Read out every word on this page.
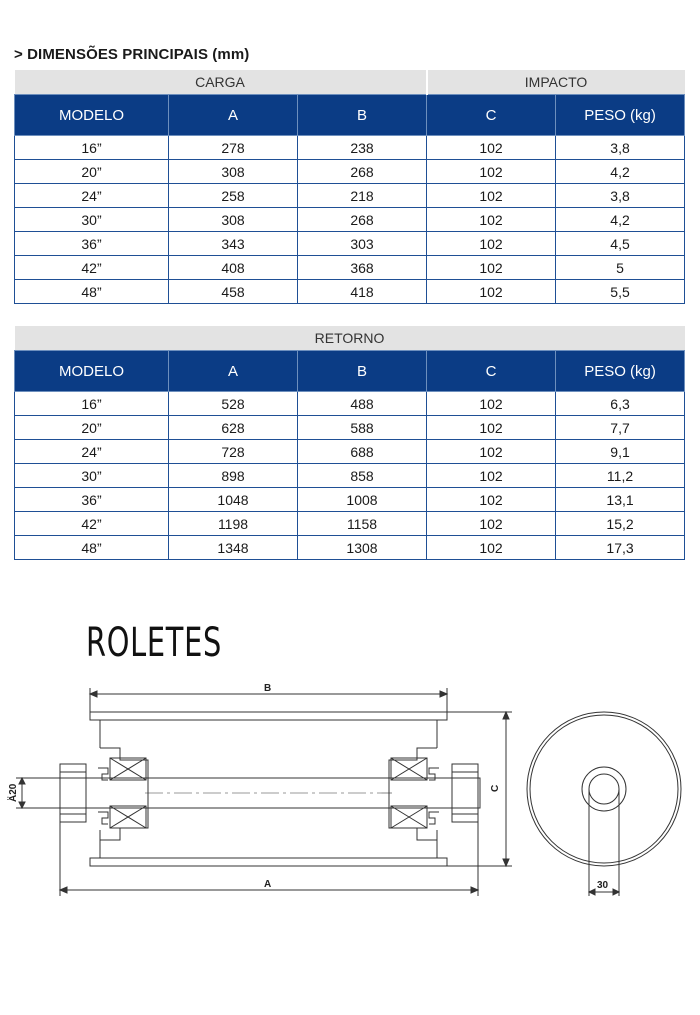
> DIMENSÕES PRINCIPAIS (mm)
CARGA			IMPACTO	
MODELO	A	B	C	PESO (kg)
16”	278	238	102	3,8
20”	308	268	102	4,2
24”	258	218	102	3,8
30”	308	268	102	4,2
36”	343	303	102	4,5
42”	408	368	102	5
48”	458	418	102	5,5
RETORNO				
MODELO	A	B	C	PESO (kg)
16”	528	488	102	6,3
20”	628	588	102	7,7
24”	728	688	102	9,1
30”	898	858	102	11,2
36”	1048	1008	102	13,1
42”	1198	1158	102	15,2
48”	1348	1308	102	17,3
ROLETES
B
A
C
Ä20
30
